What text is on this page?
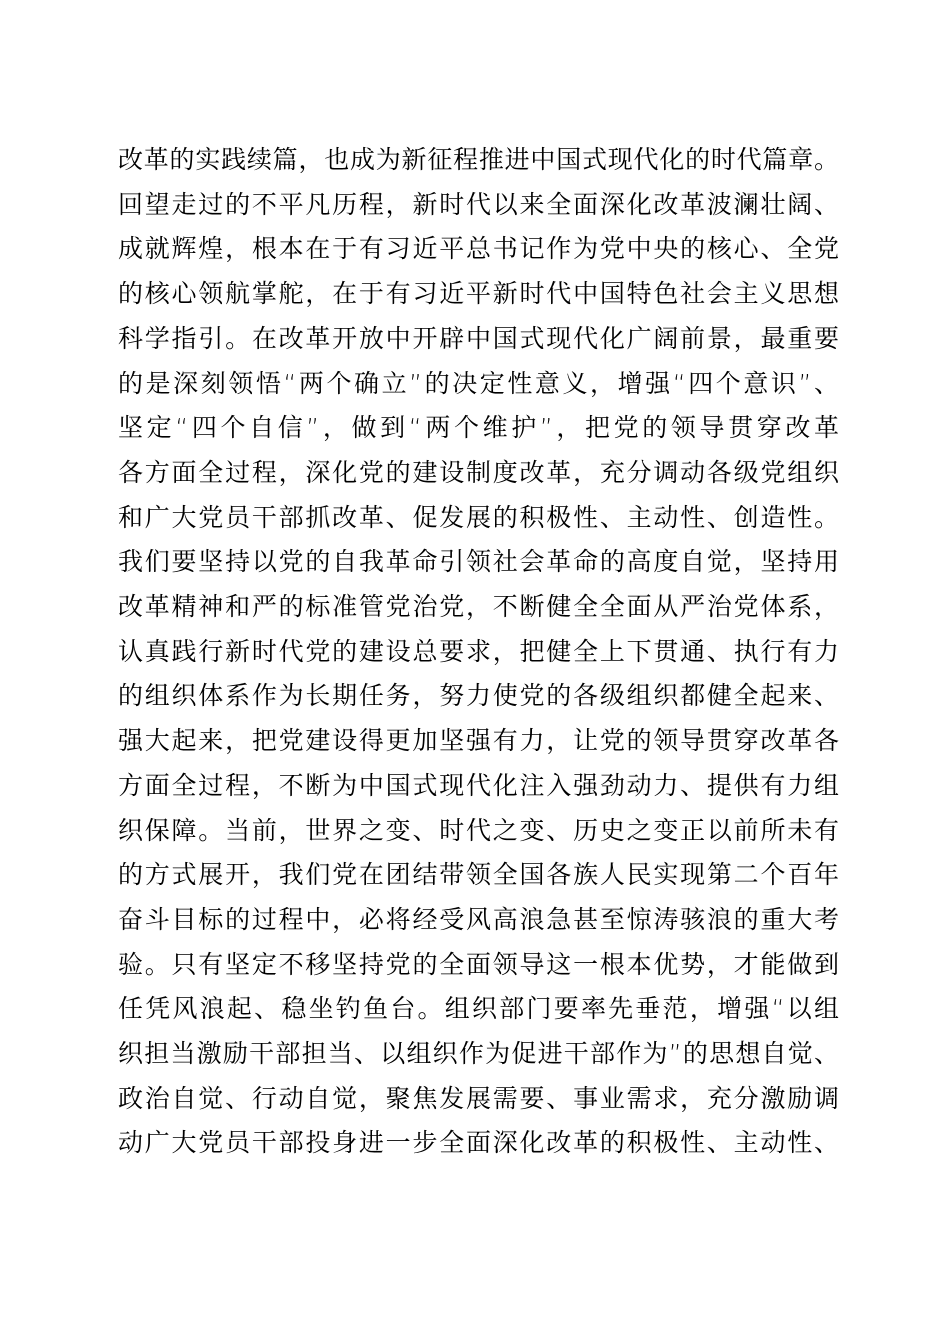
改革的实践续篇，也成为新征程推进中国式现代化的时代篇章。
回望走过的不平凡历程，新时代以来全面深化改革波澜壮阔、
成就辉煌，根本在于有习近平总书记作为党中央的核心、全党
的核心领航掌舵，在于有习近平新时代中国特色社会主义思想
科学指引。在改革开放中开辟中国式现代化广阔前景，最重要
的是深刻领悟“两个确立”的决定性意义，增强“四个意识”、
坚定“四个自信”，做到“两个维护”，把党的领导贯穿改革
各方面全过程，深化党的建设制度改革，充分调动各级党组织
和广大党员干部抓改革、促发展的积极性、主动性、创造性。
我们要坚持以党的自我革命引领社会革命的高度自觉，坚持用
改革精神和严的标准管党治党，不断健全全面从严治党体系，
认真践行新时代党的建设总要求，把健全上下贯通、执行有力
的组织体系作为长期任务，努力使党的各级组织都健全起来、
强大起来，把党建设得更加坚强有力，让党的领导贯穿改革各
方面全过程，不断为中国式现代化注入强劲动力、提供有力组
织保障。当前，世界之变、时代之变、历史之变正以前所未有
的方式展开，我们党在团结带领全国各族人民实现第二个百年
奋斗目标的过程中，必将经受风高浪急甚至惊涛骇浪的重大考
验。只有坚定不移坚持党的全面领导这一根本优势，才能做到
任凭风浪起、稳坐钓鱼台。组织部门要率先垂范，增强“以组
织担当激励干部担当、以组织作为促进干部作为”的思想自觉、
政治自觉、行动自觉，聚焦发展需要、事业需求，充分激励调
动广大党员干部投身进一步全面深化改革的积极性、主动性、
